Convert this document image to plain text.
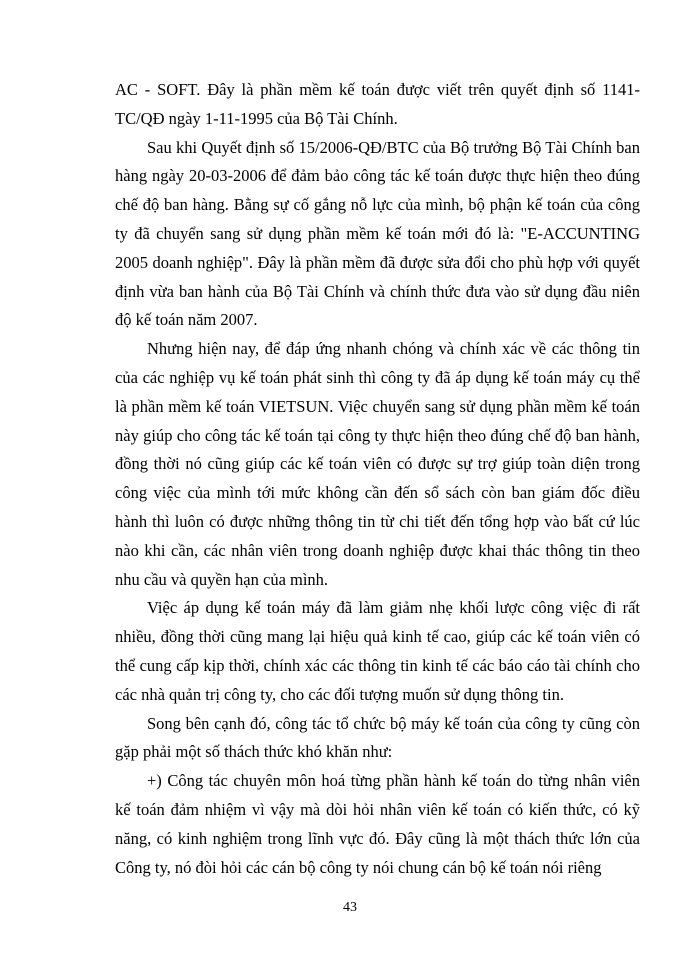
AC - SOFT. Đây là phần mềm kế toán được viết trên quyết định số 1141-TC/QĐ ngày 1-11-1995 của Bộ Tài Chính.

Sau khi Quyết định số 15/2006-QĐ/BTC của Bộ trưởng Bộ Tài Chính ban hàng ngày 20-03-2006 để đảm bảo công tác kế toán được thực hiện theo đúng chế độ ban hàng. Bằng sự cố gắng nỗ lực của mình, bộ phận kế toán của công ty đã chuyển sang sử dụng phần mềm kế toán mới đó là: "E-ACCUNTING 2005 doanh nghiệp". Đây là phần mềm đã được sửa đổi cho phù hợp với quyết định vừa ban hành của Bộ Tài Chính và chính thức đưa vào sử dụng đầu niên độ kế toán năm 2007.

Nhưng hiện nay, để đáp ứng nhanh chóng và chính xác về các thông tin của các nghiệp vụ kế toán phát sinh thì công ty đã áp dụng kế toán máy cụ thể là phần mềm kế toán VIETSUN. Việc chuyển sang sử dụng phần mềm kế toán này giúp cho công tác kế toán tại công ty thực hiện theo đúng chế độ ban hành, đồng thời nó cũng giúp các kế toán viên có được sự trợ giúp toàn diện trong công việc của mình tới mức không cần đến sổ sách còn ban giám đốc điều hành thì luôn có được những thông tin từ chi tiết đến tổng hợp vào bất cứ lúc nào khi cần, các nhân viên trong doanh nghiệp được khai thác thông tin theo nhu cầu và quyền hạn của mình.

Việc áp dụng kế toán máy đã làm giảm nhẹ khối lược công việc đi rất nhiều, đồng thời cũng mang lại hiệu quả kinh tế cao, giúp các kế toán viên có thể cung cấp kịp thời, chính xác các thông tin kinh tế các báo cáo tài chính cho các nhà quản trị công ty, cho các đối tượng muốn sử dụng thông tin.

Song bên cạnh đó, công tác tổ chức bộ máy kế toán của công ty cũng còn gặp phải một số thách thức khó khăn như:

+) Công tác chuyên môn hoá từng phần hành kế toán do từng nhân viên kế toán đảm nhiệm vì vậy mà dòi hỏi nhân viên kế toán có kiến thức, có kỹ năng, có kinh nghiệm trong lĩnh vực đó. Đây cũng là một thách thức lớn của Công ty, nó đòi hỏi các cán bộ công ty nói chung cán bộ kế toán nói riêng

43
